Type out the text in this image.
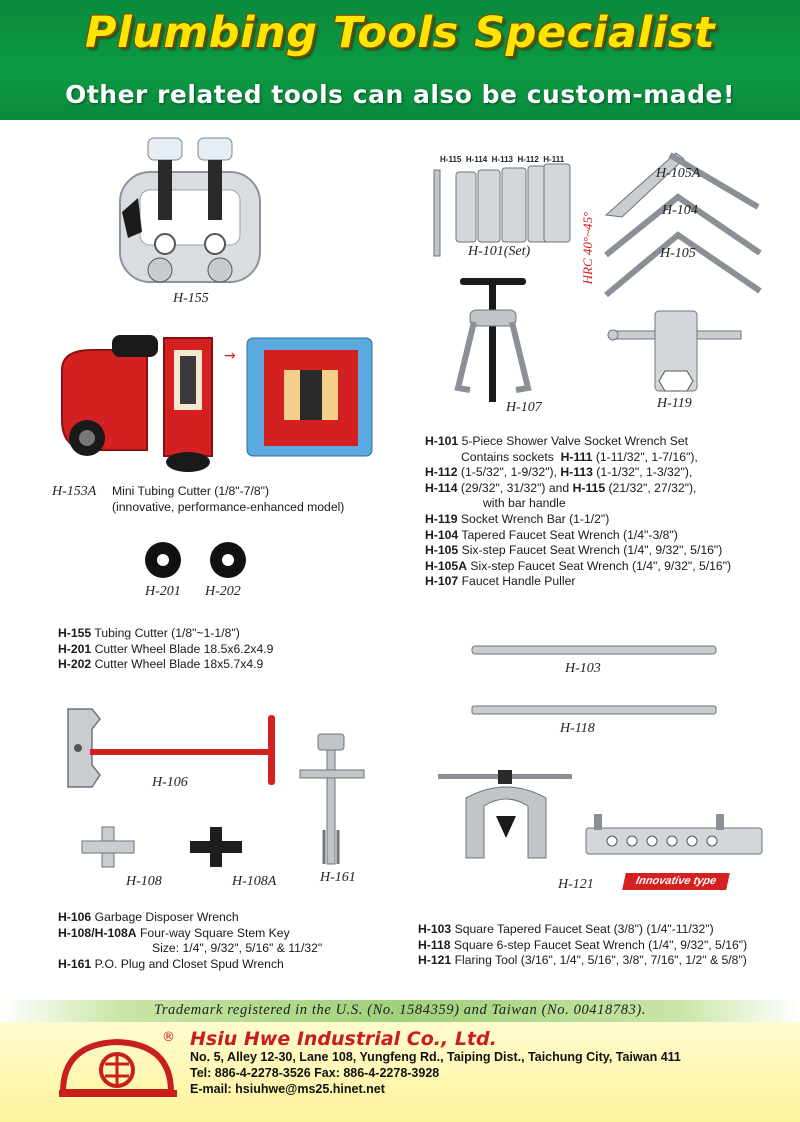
Plumbing Tools Specialist
Other related tools can also be custom-made!
H-155
→
H-153A Mini Tubing Cutter (1/8"-7/8")
(innovative, performance-enhanced model)
H-201 H-202
H-155 Tubing Cutter (1/8"~1-1/8")
H-201 Cutter Wheel Blade 18.5x6.2x4.9
H-202 Cutter Wheel Blade 18x5.7x4.9
H-106
H-161
H-108	H-108A
H-106 Garbage Disposer Wrench
H-108/H-108A Four-way Square Stem Key
Size: 1/4", 9/32", 5/16" & 11/32"
H-161 P.O. Plug and Closet Spud Wrench
H-115 H-114 H-113 H-112 H-111
H-101(Set)
H-105A
H-104
H-105
HRC 40°~45°
H-107	H-119
H-101 5-Piece Shower Valve Socket Wrench Set
Contains sockets H-111 (1-11/32", 1-7/16"),
H-112 (1-5/32", 1-9/32"), H-113 (1-1/32", 1-3/32"),
H-114 (29/32", 31/32") and H-115 (21/32", 27/32"),
with bar handle
H-119 Socket Wrench Bar (1-1/2")
H-104 Tapered Faucet Seat Wrench (1/4"-3/8")
H-105 Six-step Faucet Seat Wrench (1/4", 9/32", 5/16")
H-105A Six-step Faucet Seat Wrench (1/4", 9/32", 5/16")
H-107 Faucet Handle Puller
H-103
H-118
H-121	Innovative type
H-103 Square Tapered Faucet Seat (3/8") (1/4"-11/32")
H-118 Square 6-step Faucet Seat Wrench (1/4", 9/32", 5/16")
H-121 Flaring Tool (3/16", 1/4", 5/16", 3/8", 7/16", 1/2" & 5/8")
Trademark registered in the U.S. (No. 1584359) and Taiwan (No. 00418783).
® Hsiu Hwe Industrial Co., Ltd.
No. 5, Alley 12-30, Lane 108, Yungfeng Rd., Taiping Dist., Taichung City, Taiwan 411
Tel: 886-4-2278-3526 Fax: 886-4-2278-3928
E-mail: hsiuhwe@ms25.hinet.net
